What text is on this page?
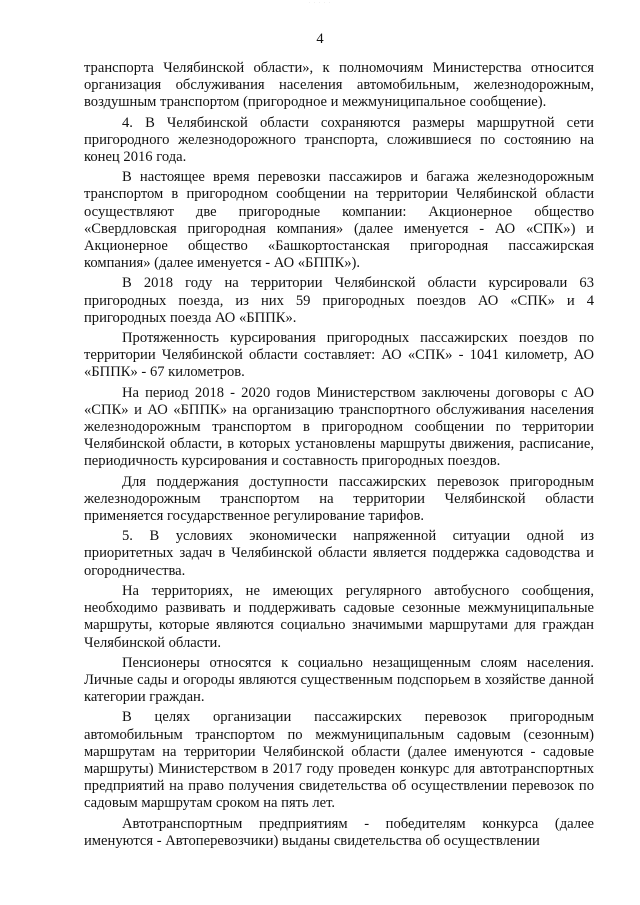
· · · · ·
4

транспорта Челябинской области», к полномочиям Министерства относится организация обслуживания населения автомобильным, железнодорожным, воздушным транспортом (пригородное и межмуниципальное сообщение).

4. В Челябинской области сохраняются размеры маршрутной сети пригородного железнодорожного транспорта, сложившиеся по состоянию на конец 2016 года.

В настоящее время перевозки пассажиров и багажа железнодорожным транспортом в пригородном сообщении на территории Челябинской области осуществляют две пригородные компании: Акционерное общество «Свердловская пригородная компания» (далее именуется - АО «СПК») и Акционерное общество «Башкортостанская пригородная пассажирская компания» (далее именуется - АО «БППК»).

В 2018 году на территории Челябинской области курсировали 63 пригородных поезда, из них 59 пригородных поездов АО «СПК» и 4 пригородных поезда АО «БППК».

Протяженность курсирования пригородных пассажирских поездов по территории Челябинской области составляет: АО «СПК» - 1041 километр, АО «БППК» - 67 километров.

На период 2018 - 2020 годов Министерством заключены договоры с АО «СПК» и АО «БППК» на организацию транспортного обслуживания населения железнодорожным транспортом в пригородном сообщении по территории Челябинской области, в которых установлены маршруты движения, расписание, периодичность курсирования и составность пригородных поездов.

Для поддержания доступности пассажирских перевозок пригородным железнодорожным транспортом на территории Челябинской области применяется государственное регулирование тарифов.

5. В условиях экономически напряженной ситуации одной из приоритетных задач в Челябинской области является поддержка садоводства и огородничества.

На территориях, не имеющих регулярного автобусного сообщения, необходимо развивать и поддерживать садовые сезонные межмуниципальные маршруты, которые являются социально значимыми маршрутами для граждан Челябинской области.

Пенсионеры относятся к социально незащищенным слоям населения. Личные сады и огороды являются существенным подспорьем в хозяйстве данной категории граждан.

В целях организации пассажирских перевозок пригородным автомобильным транспортом по межмуниципальным садовым (сезонным) маршрутам на территории Челябинской области (далее именуются - садовые маршруты) Министерством в 2017 году проведен конкурс для автотранспортных предприятий на право получения свидетельства об осуществлении перевозок по садовым маршрутам сроком на пять лет.

Автотранспортным предприятиям - победителям конкурса (далее именуются - Автоперевозчики) выданы свидетельства об осуществлении
